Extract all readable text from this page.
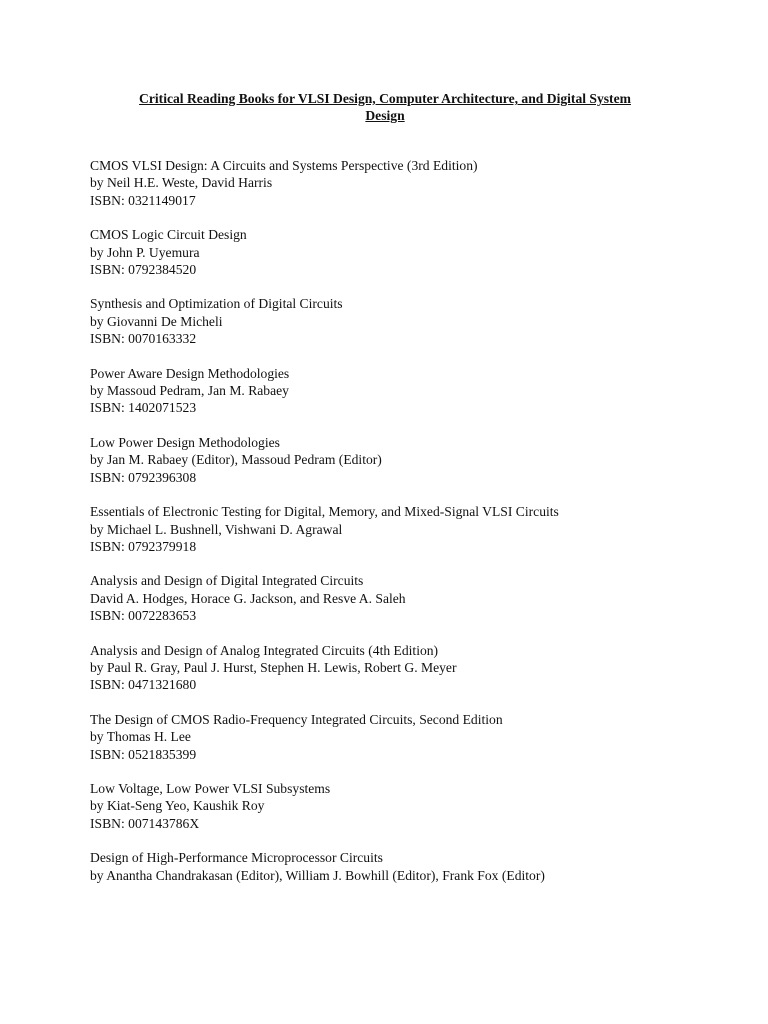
Critical Reading Books for VLSI Design, Computer Architecture, and Digital System
Design
CMOS VLSI Design: A Circuits and Systems Perspective (3rd Edition)
by Neil H.E. Weste, David Harris
ISBN: 0321149017
CMOS Logic Circuit Design
by John P. Uyemura
ISBN: 0792384520
Synthesis and Optimization of Digital Circuits
by Giovanni De Micheli
ISBN: 0070163332
Power Aware Design Methodologies
by Massoud Pedram, Jan M. Rabaey
ISBN: 1402071523
Low Power Design Methodologies
by Jan M. Rabaey (Editor), Massoud Pedram (Editor)
ISBN: 0792396308
Essentials of Electronic Testing for Digital, Memory, and Mixed-Signal VLSI Circuits
by Michael L. Bushnell, Vishwani D. Agrawal
ISBN: 0792379918
Analysis and Design of Digital Integrated Circuits
David A. Hodges, Horace G. Jackson, and Resve A. Saleh
ISBN: 0072283653
Analysis and Design of Analog Integrated Circuits (4th Edition)
by Paul R. Gray, Paul J. Hurst, Stephen H. Lewis, Robert G. Meyer
ISBN: 0471321680
The Design of CMOS Radio-Frequency Integrated Circuits, Second Edition
by Thomas H. Lee
ISBN: 0521835399
Low Voltage, Low Power VLSI Subsystems
by Kiat-Seng Yeo, Kaushik Roy
ISBN: 007143786X
Design of High-Performance Microprocessor Circuits
by Anantha Chandrakasan (Editor), William J. Bowhill (Editor), Frank Fox (Editor)
